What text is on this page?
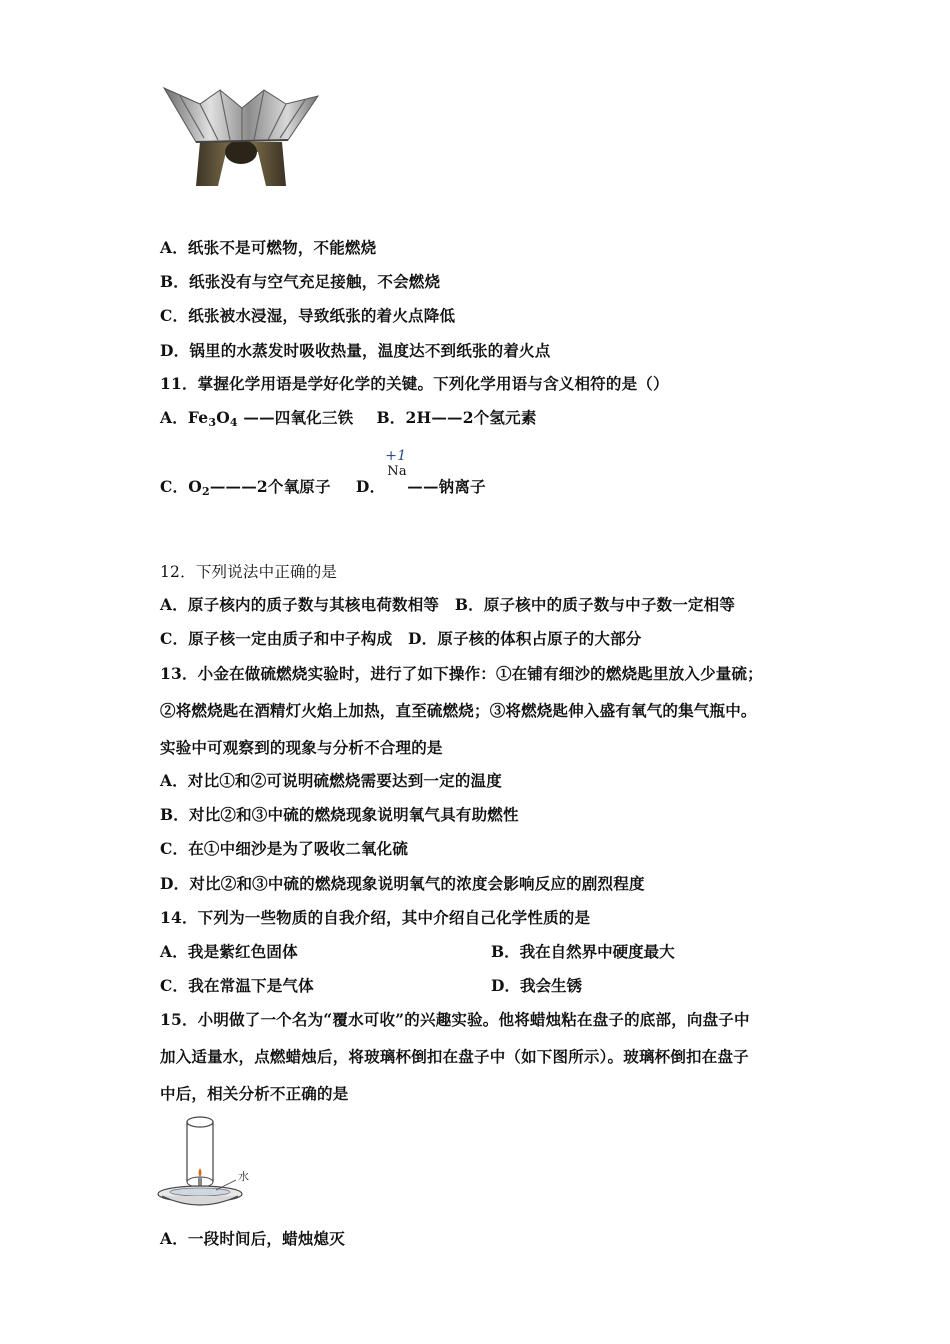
A．纸张不是可燃物，不能燃烧
B．纸张没有与空气充足接触，不会燃烧
C．纸张被水浸湿，导致纸张的着火点降低
D．锅里的水蒸发时吸收热量，温度达不到纸张的着火点
11．掌握化学用语是学好化学的关键。下列化学用语与含义相符的是（）
A．$Fe_3O_4$ ——四氧化三铁 B．2H——2个氢元素
C．$O_2———2$个氧原子 D．
+1
Na
——钠离子
12．下列说法中正确的是
A．原子核内的质子数与其核电荷数相等　B．原子核中的质子数与中子数一定相等
C．原子核一定由质子和中子构成　D．原子核的体积占原子的大部分
13．小金在做硫燃烧实验时，进行了如下操作：①在铺有细沙的燃烧匙里放入少量硫；
②将燃烧匙在酒精灯火焰上加热，直至硫燃烧；③将燃烧匙伸入盛有氧气的集气瓶中。
实验中可观察到的现象与分析不合理的是
A．对比①和②可说明硫燃烧需要达到一定的温度
B．对比②和③中硫的燃烧现象说明氧气具有助燃性
C．在①中细沙是为了吸收二氧化硫
D．对比②和③中硫的燃烧现象说明氧气的浓度会影响反应的剧烈程度
14．下列为一些物质的自我介绍，其中介绍自己化学性质的是
A．我是紫红色固体	B．我在自然界中硬度最大
C．我在常温下是气体	D．我会生锈
15．小明做了一个名为“覆水可收”的兴趣实验。他将蜡烛粘在盘子的底部，向盘子中
加入适量水，点燃蜡烛后，将玻璃杯倒扣在盘子中（如下图所示）。玻璃杯倒扣在盘子
中后，相关分析不正确的是
水
A．一段时间后，蜡烛熄灭
